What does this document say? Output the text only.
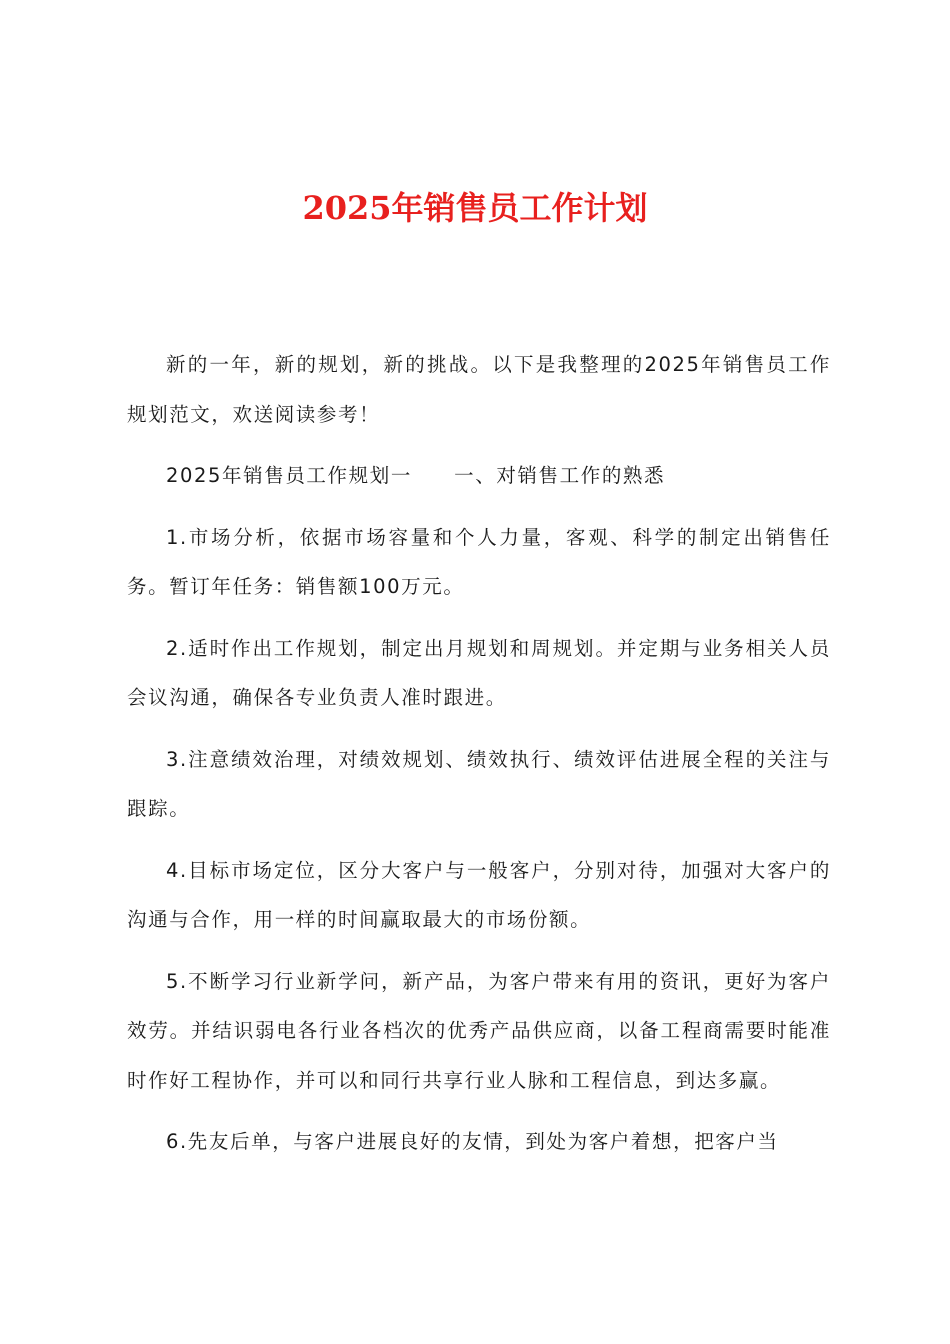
2025年销售员工作计划

新的一年，新的规划，新的挑战。以下是我整理的2025年销售员工作规划范文，欢送阅读参考！

2025年销售员工作规划一　　一、对销售工作的熟悉

1.市场分析，依据市场容量和个人力量，客观、科学的制定出销售任务。暂订年任务：销售额100万元。

2.适时作出工作规划，制定出月规划和周规划。并定期与业务相关人员会议沟通，确保各专业负责人准时跟进。

3.注意绩效治理，对绩效规划、绩效执行、绩效评估进展全程的关注与跟踪。

4.目标市场定位，区分大客户与一般客户，分别对待，加强对大客户的沟通与合作，用一样的时间赢取最大的市场份额。

5.不断学习行业新学问，新产品，为客户带来有用的资讯，更好为客户效劳。并结识弱电各行业各档次的优秀产品供应商，以备工程商需要时能准时作好工程协作，并可以和同行共享行业人脉和工程信息，到达多赢。

6.先友后单，与客户进展良好的友情，到处为客户着想，把客户当
